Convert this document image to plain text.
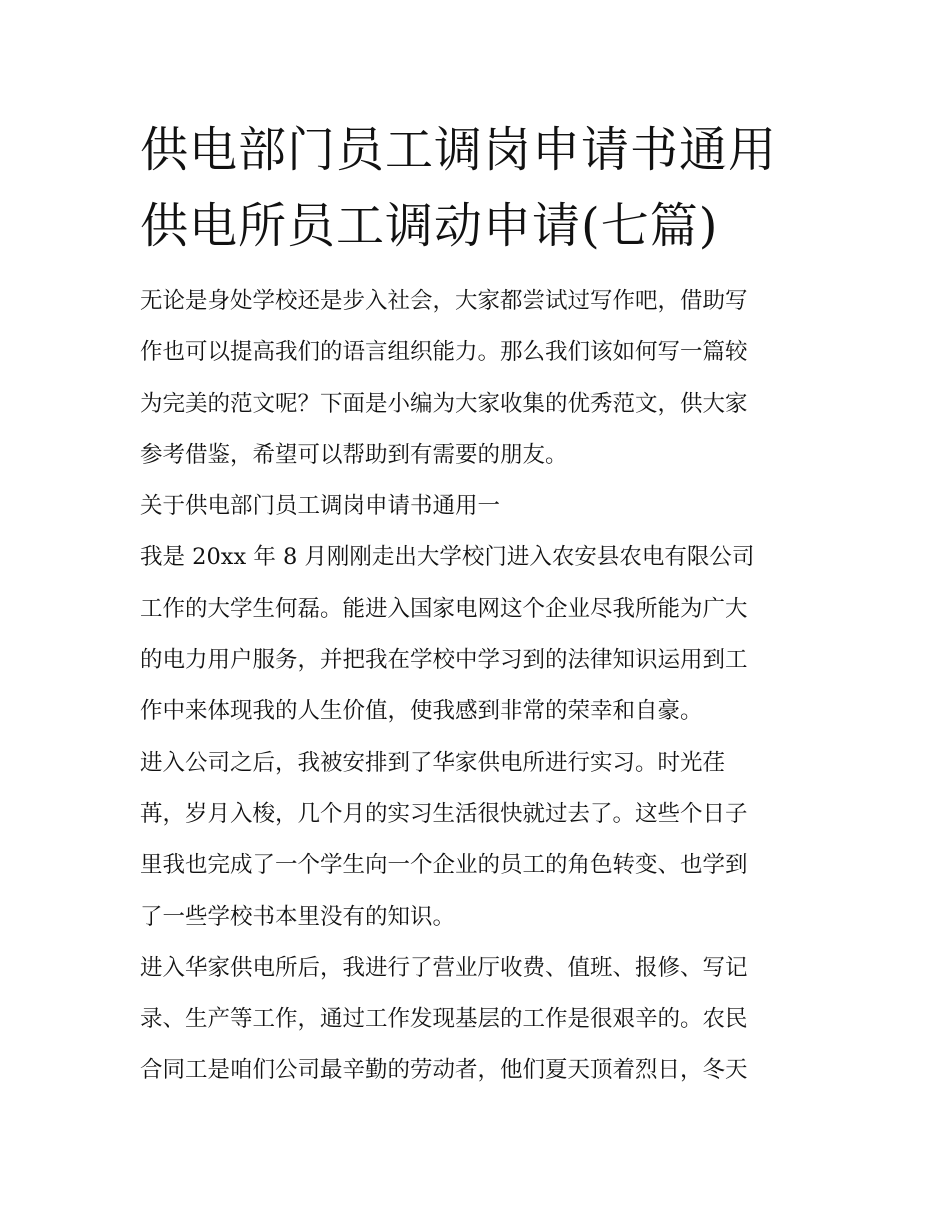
供电部门员工调岗申请书通用
供电所员工调动申请(七篇)
无论是身处学校还是步入社会，大家都尝试过写作吧，借助写
作也可以提高我们的语言组织能力。那么我们该如何写一篇较
为完美的范文呢？下面是小编为大家收集的优秀范文，供大家
参考借鉴，希望可以帮助到有需要的朋友。
关于供电部门员工调岗申请书通用一
我是 20xx 年 8 月刚刚走出大学校门进入农安县农电有限公司
工作的大学生何磊。能进入国家电网这个企业尽我所能为广大
的电力用户服务，并把我在学校中学习到的法律知识运用到工
作中来体现我的人生价值，使我感到非常的荣幸和自豪。
进入公司之后，我被安排到了华家供电所进行实习。时光荏
苒，岁月入梭，几个月的实习生活很快就过去了。这些个日子
里我也完成了一个学生向一个企业的员工的角色转变、也学到
了一些学校书本里没有的知识。
进入华家供电所后，我进行了营业厅收费、值班、报修、写记
录、生产等工作，通过工作发现基层的工作是很艰辛的。农民
合同工是咱们公司最辛勤的劳动者，他们夏天顶着烈日，冬天
